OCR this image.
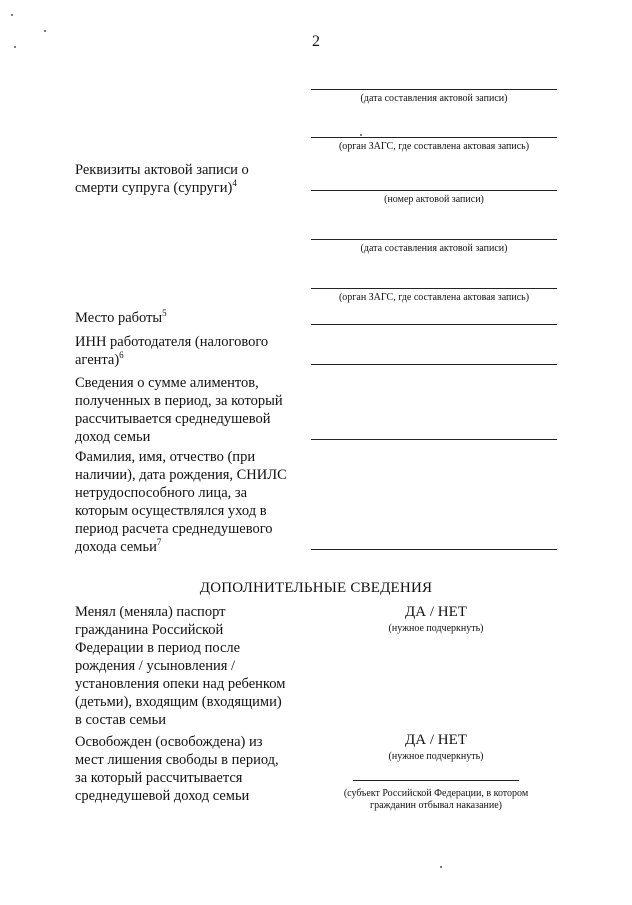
2
(дата составления актовой записи)
(орган ЗАГС, где составлена актовая запись)
Реквизиты актовой записи о
смерти супруга (супруги)$^4$
(номер актовой записи)
(дата составления актовой записи)
(орган ЗАГС, где составлена актовая запись)
Место работы$^5$
ИНН работодателя (налогового
агента)$^6$
Сведения о сумме алиментов,
полученных в период, за который
рассчитывается среднедушевой
доход семьи
Фамилия, имя, отчество (при
наличии), дата рождения, СНИЛС
нетрудоспособного лица, за
которым осуществлялся уход в
период расчета среднедушевого
дохода семьи$^7$
ДОПОЛНИТЕЛЬНЫЕ СВЕДЕНИЯ
Менял (меняла) паспорт
гражданина Российской
Федерации в период после
рождения / усыновления /
установления опеки над ребенком
(детьми), входящим (входящими)
в состав семьи
ДА / НЕТ
(нужное подчеркнуть)
Освобожден (освобождена) из
мест лишения свободы в период,
за который рассчитывается
среднедушевой доход семьи
ДА / НЕТ
(нужное подчеркнуть)
(субъект Российской Федерации, в котором
гражданин отбывал наказание)
